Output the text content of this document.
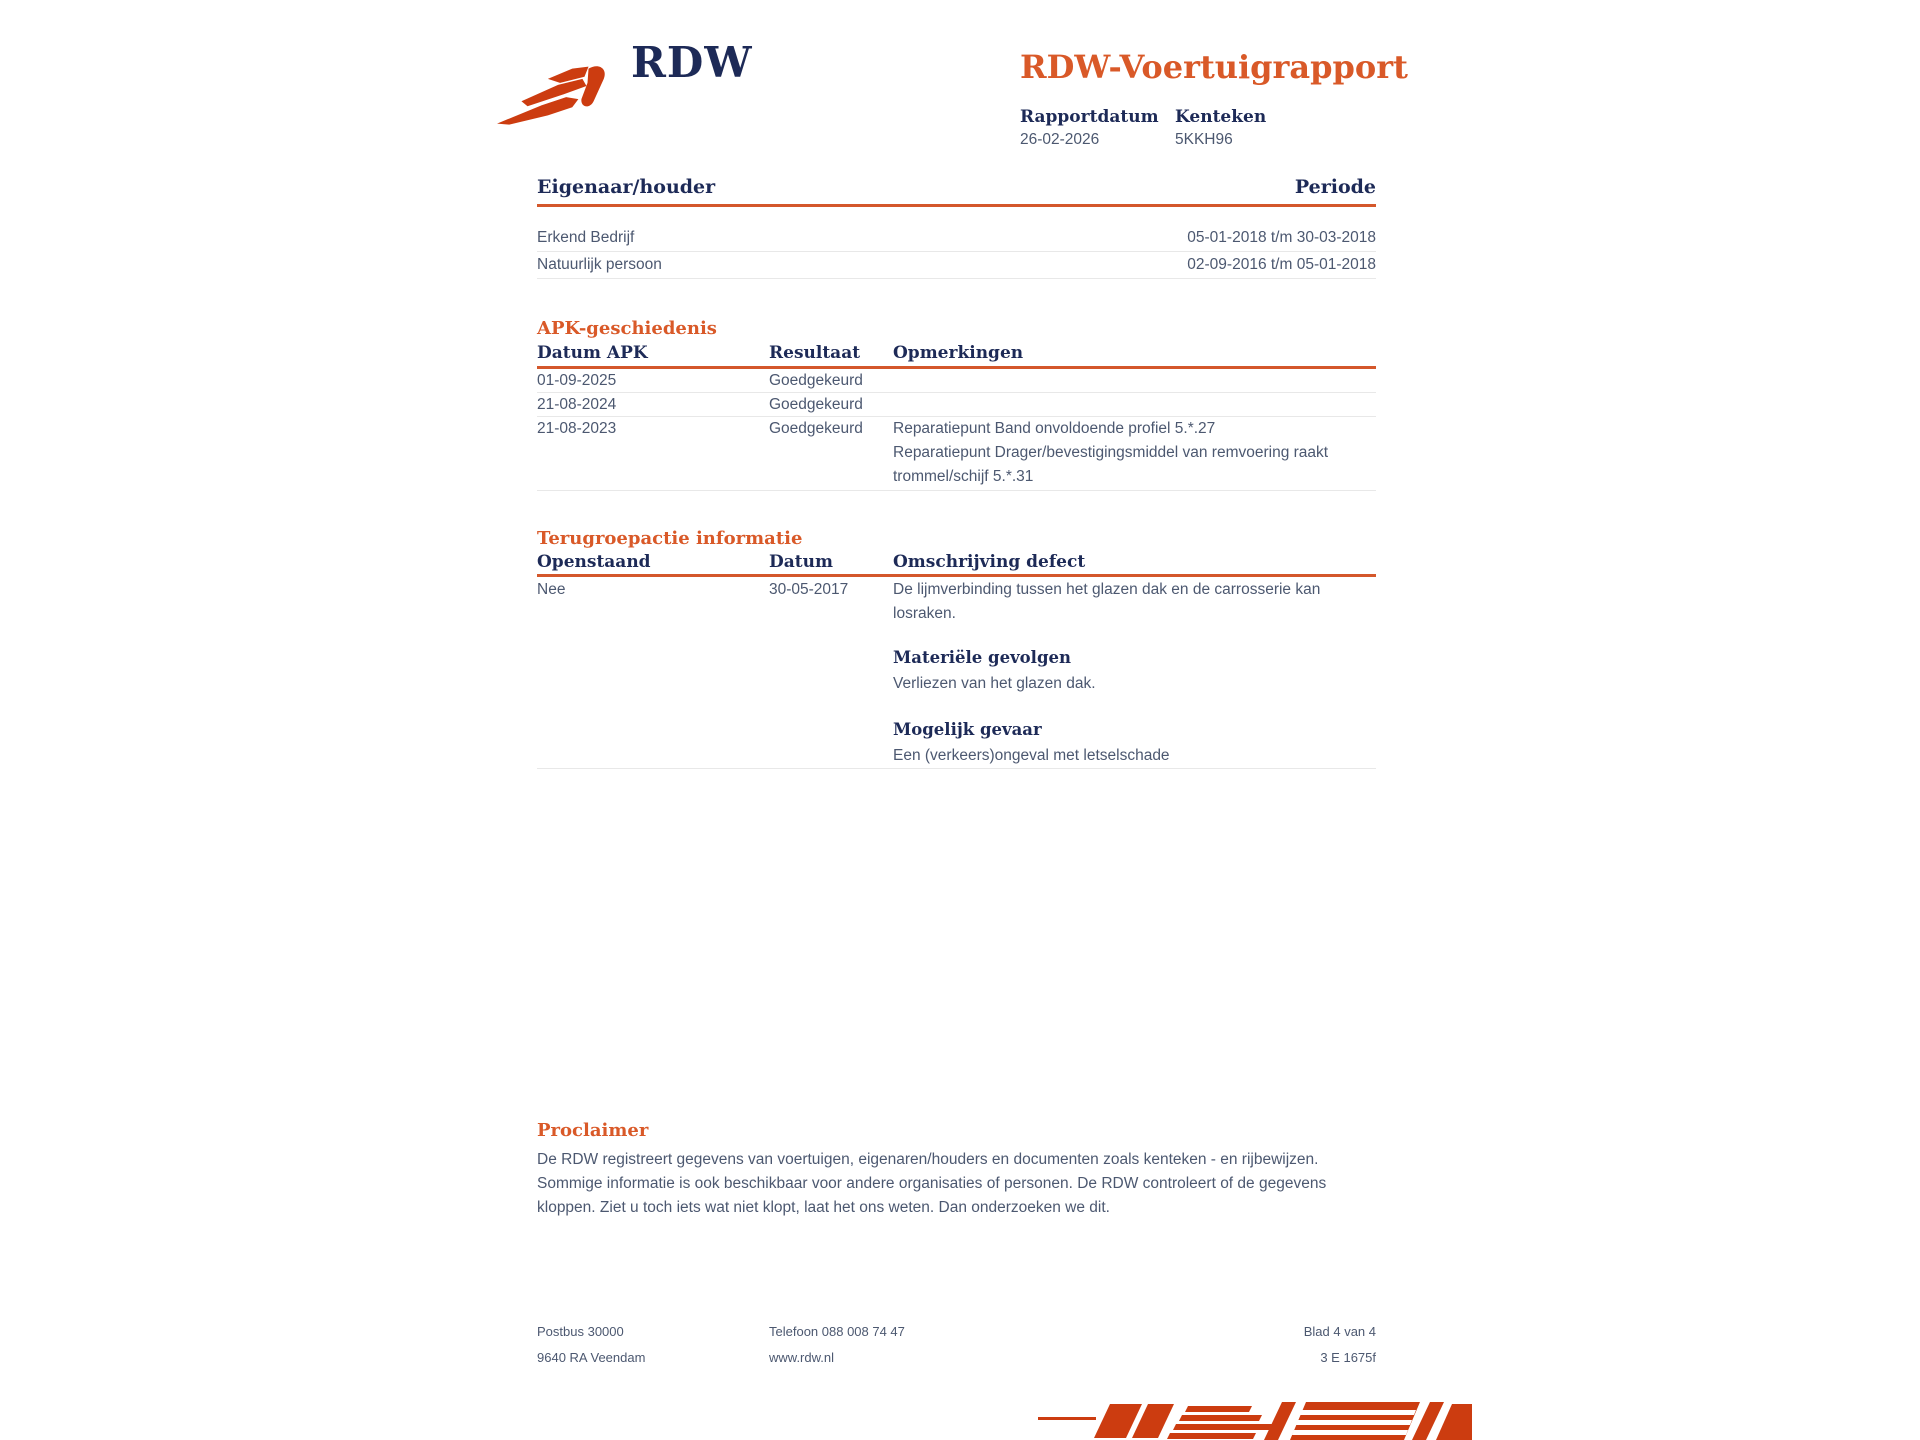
RDW	RDW-Voertuigrapport
Rapportdatum Kenteken
26-02-2026	5KKH96
Eigenaar/houder	Periode
Erkend Bedrijf	05-01-2018 t/m 30-03-2018
Natuurlijk persoon	02-09-2016 t/m 05-01-2018
APK-geschiedenis
Datum APK	Resultaat Opmerkingen
01-09-2025	Goedgekeurd
21-08-2024	Goedgekeurd
21-08-2023	Goedgekeurd Reparatiepunt Band onvoldoende profiel 5.*.27
Reparatiepunt Drager/bevestigingsmiddel van remvoering raakt
trommel/schijf 5.*.31
Terugroepactie informatie
Openstaand	Datum	Omschrijving defect
Nee	30-05-2017	De lijmverbinding tussen het glazen dak en de carrosserie kan
losraken.
Materiële gevolgen
Verliezen van het glazen dak.
Mogelijk gevaar
Een (verkeers)ongeval met letselschade
Proclaimer
De RDW registreert gegevens van voertuigen, eigenaren/houders en documenten zoals kenteken - en rijbewijzen.
Sommige informatie is ook beschikbaar voor andere organisaties of personen. De RDW controleert of de gegevens
kloppen. Ziet u toch iets wat niet klopt, laat het ons weten. Dan onderzoeken we dit.
Postbus 30000	Telefoon 088 008 74 47	Blad 4 van 4
9640 RA Veendam	www.rdw.nl	3 E 1675f
